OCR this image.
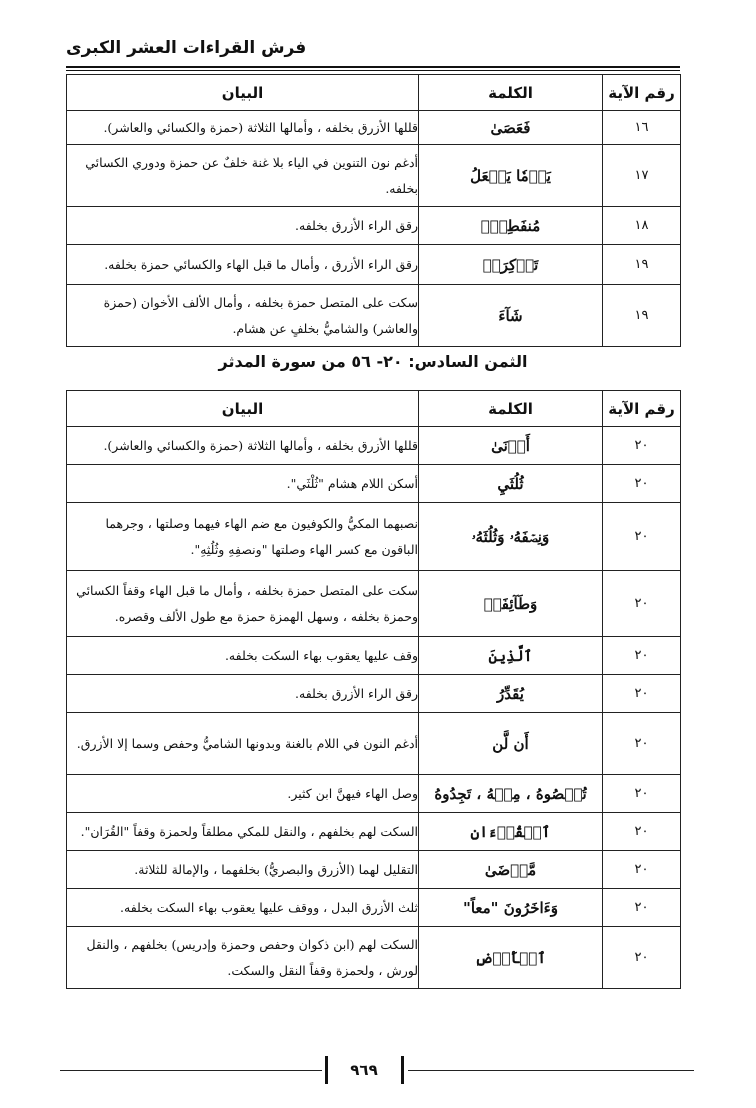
فرش القراءات العشر الكبرى
رقم الآية	الكلمة	البيان
١٦	فَعَصَىٰ	قللها الأزرق بخلفه ، وأمالها الثلاثة (حمزة والكسائي والعاشر).
١٧	يَوۡمٗا يَجۡعَلُ	أدغم نون التنوين في الياء بلا غنة خلفٌ عن حمزة ودوري الكسائي بخلفه.
١٨	مُنفَطِرُۢ	رقق الراء الأزرق بخلفه.
١٩	تَذۡكِرَةٞ	رقق الراء الأزرق ، وأمال ما قبل الهاء والكسائي حمزة بخلفه.
١٩	شَآءَ	سكت على المتصل حمزة بخلفه ، وأمال الألف الأخوان (حمزة والعاشر) والشاميُّ بخلفٍ عن هشام.
الثمن السادس: ٢٠- ٥٦ من سورة المدثر
رقم الآية	الكلمة	البيان
٢٠	أَدۡنَىٰ	قللها الأزرق بخلفه ، وأمالها الثلاثة (حمزة والكسائي والعاشر).
٢٠	ثُلُثَيِ	أسكن اللام هشام "ثُلْثَي".
٢٠	وَنِصۡفَهُۥ وَثُلُثَهُۥ	نصبهما المكيُّ والكوفيون مع ضم الهاء فيهما وصلتها ، وجرهما الباقون مع كسر الهاء وصلتها "ونصفِهِ وثُلُثِهِ".
٢٠	وَطَآئِفَةٞ	سكت على المتصل حمزة بخلفه ، وأمال ما قبل الهاء وقفاً الكسائي وحمزة بخلفه ، وسهل الهمزة حمزة مع طول الألف وقصره.
٢٠	ٱلَّذِينَ	وقف عليها يعقوب بهاء السكت بخلفه.
٢٠	يُقَدِّرُ	رقق الراء الأزرق بخلفه.
٢٠	أَن لَّن	أدغم النون في اللام بالغنة وبدونها الشاميُّ وحفص وسما إلا الأزرق.
٢٠	تُحۡصُوهُ ، مِنۡهُ ، تَجِدُوهُ	وصل الهاء فيهنَّ ابن كثير.
٢٠	ٱلۡقُرۡءَانِ	السكت لهم بخلفهم ، والنقل للمكي مطلقاً ولحمزة وقفاً "القُرَان".
٢٠	مَّرۡضَىٰ	التقليل لهما (الأزرق والبصريُّ) بخلفهما ، والإمالة للثلاثة.
٢٠	وَءَاخَرُونَ "معاً"	ثلث الأزرق البدل ، ووقف عليها يعقوب بهاء السكت بخلفه.
٢٠	ٱلۡأَرۡضِ	السكت لهم (ابن ذكوان وحفص وحمزة وإدريس) بخلفهم ، والنقل لورش ، ولحمزة وقفاً النقل والسكت.
٩٦٩
